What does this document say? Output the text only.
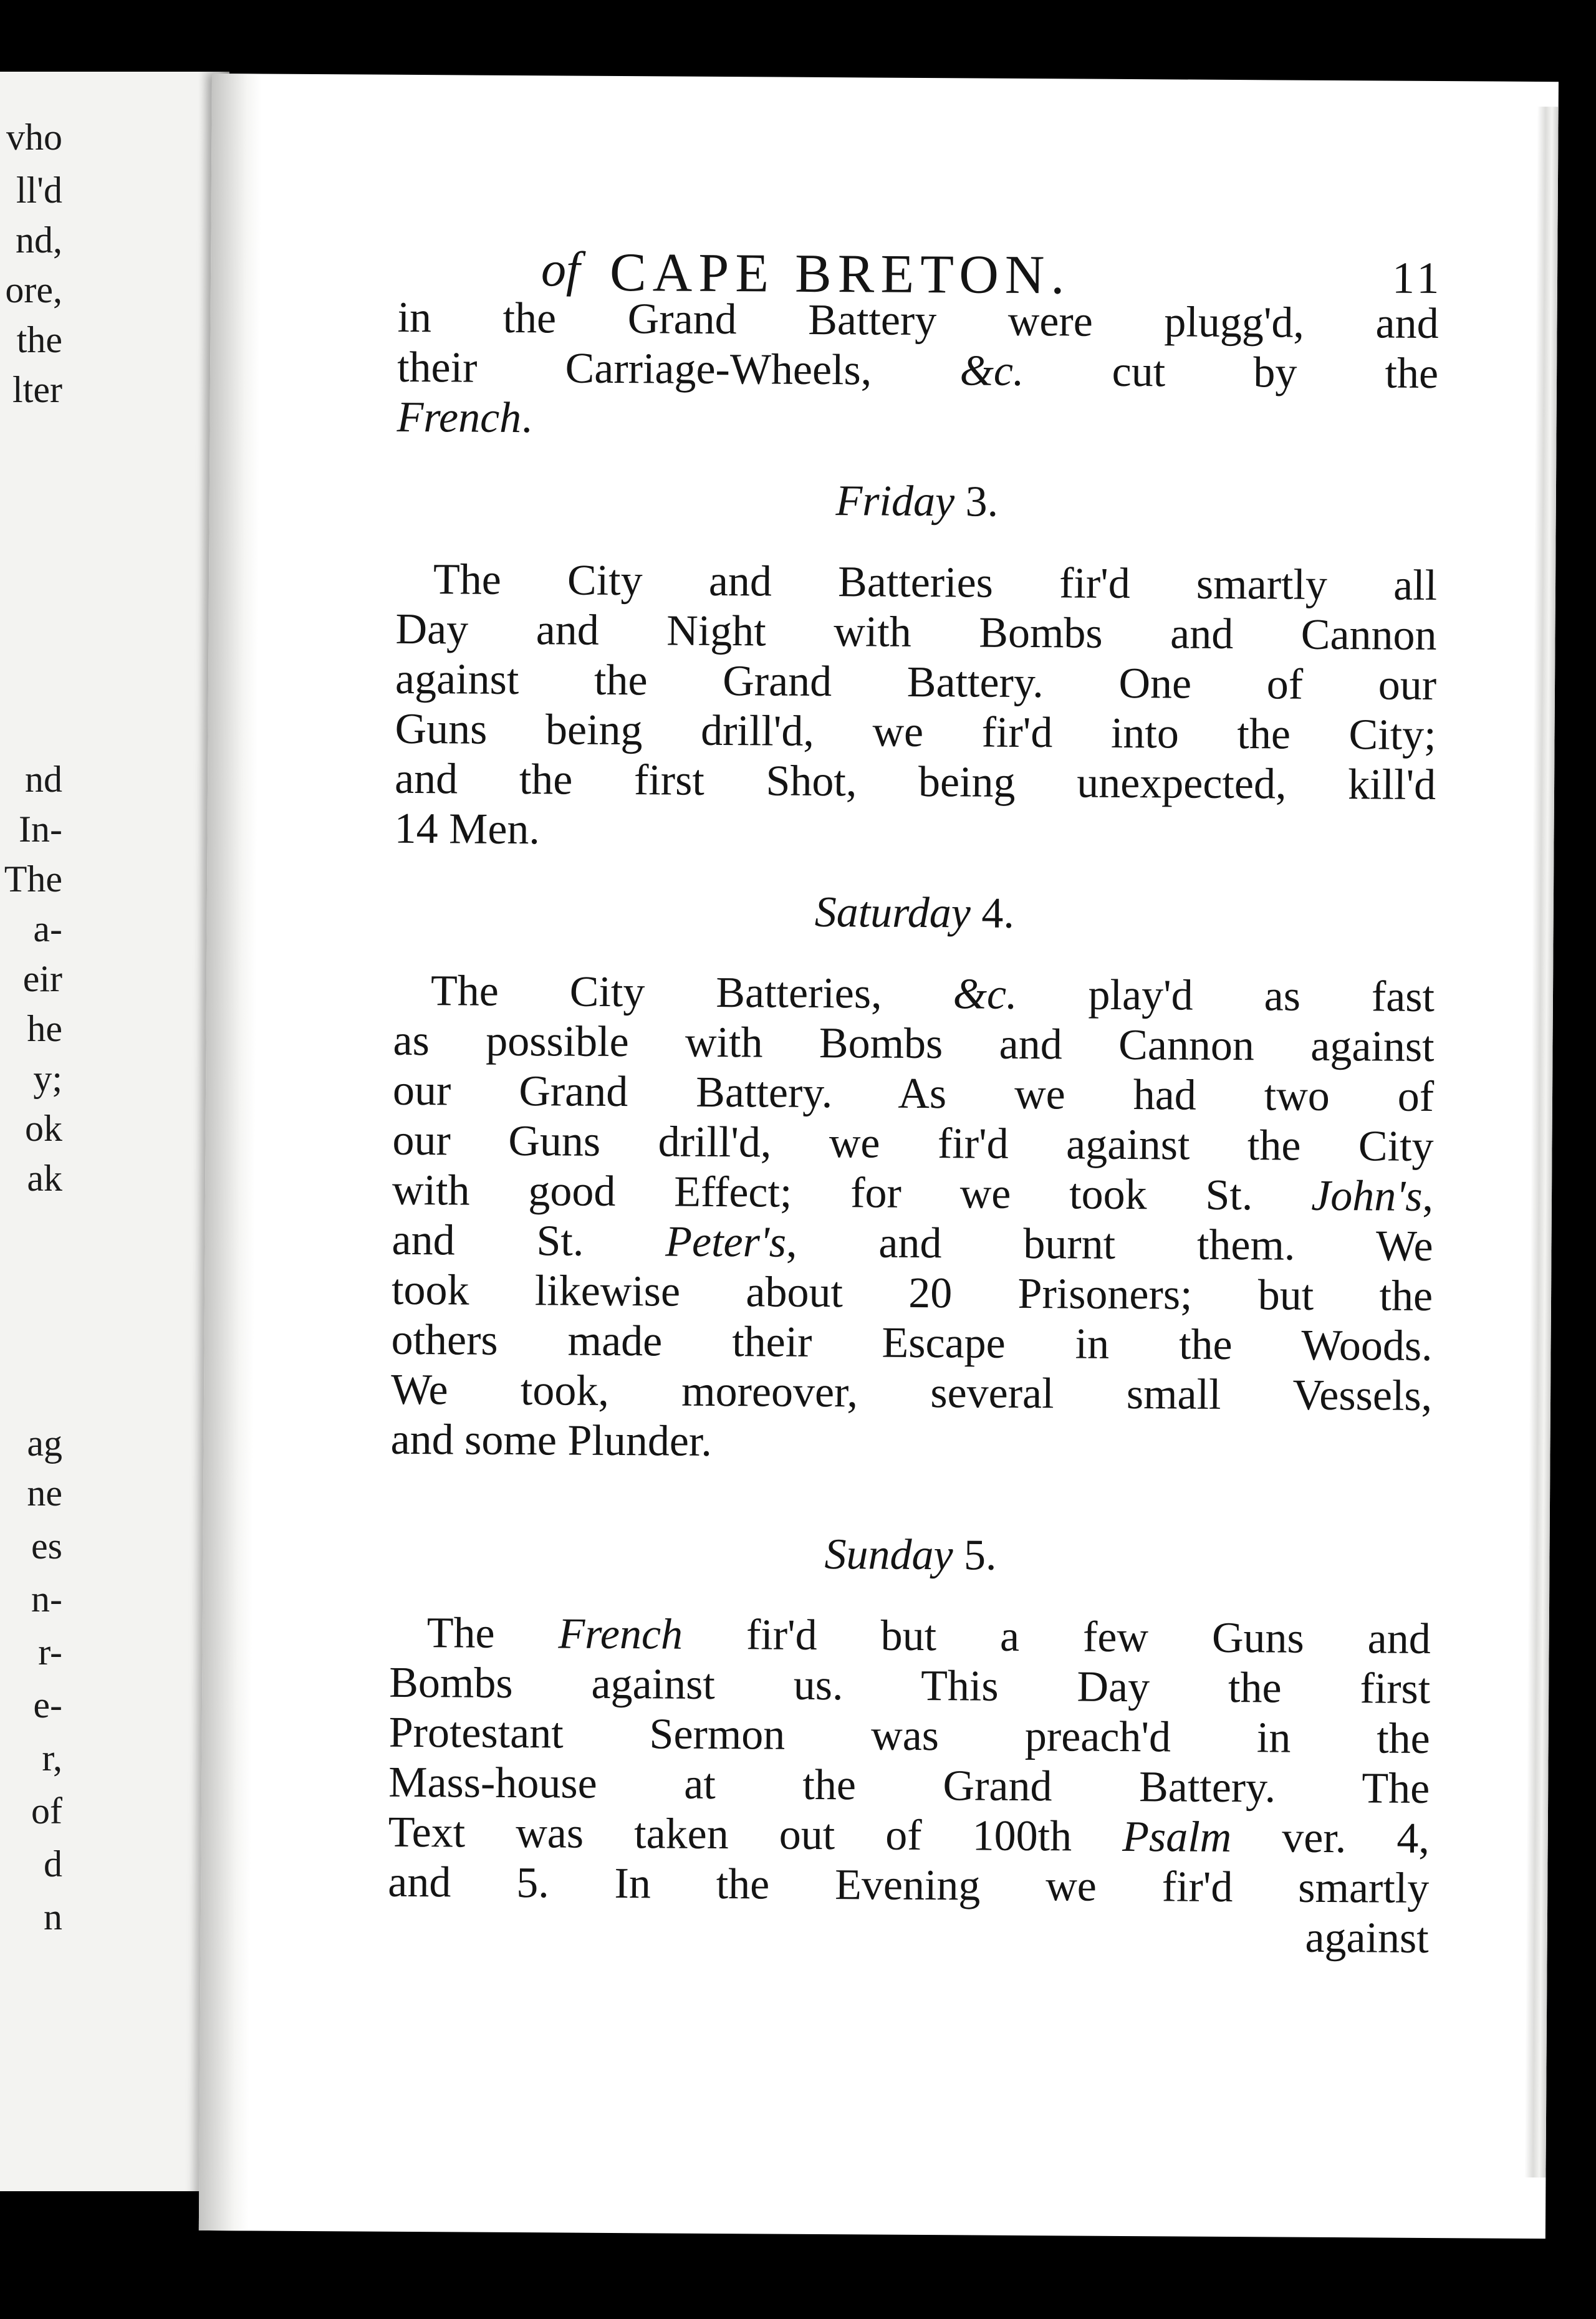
vho
ll'd
nd,
ore,
the
lter
nd
In-
The
a-
eir
he
y;
ok
ak
ag
ne
es
n-
r-
e-
r,
of
d
n
of CAPE BRETON.	11
in the Grand Battery were plugg'd, and
their Carriage-Wheels, &c. cut by the
French.
Friday 3.
The City and Batteries fir'd smartly all
Day and Night with Bombs and Cannon
against the Grand Battery. One of our
Guns being drill'd, we fir'd into the City;
and the first Shot, being unexpected, kill'd
14 Men.
Saturday 4.
The City Batteries, &c. play'd as fast
as possible with Bombs and Cannon against
our Grand Battery. As we had two of
our Guns drill'd, we fir'd against the City
with good Effect; for we took St. John's,
and St. Peter's, and burnt them. We
took likewise about 20 Prisoners; but the
others made their Escape in the Woods.
We took, moreover, several small Vessels,
and some Plunder.
Sunday 5.
The French fir'd but a few Guns and
Bombs against us. This Day the first
Protestant Sermon was preach'd in the
Mass-house at the Grand Battery. The
Text was taken out of 100th Psalm ver. 4,
and 5. In the Evening we fir'd smartly
against
